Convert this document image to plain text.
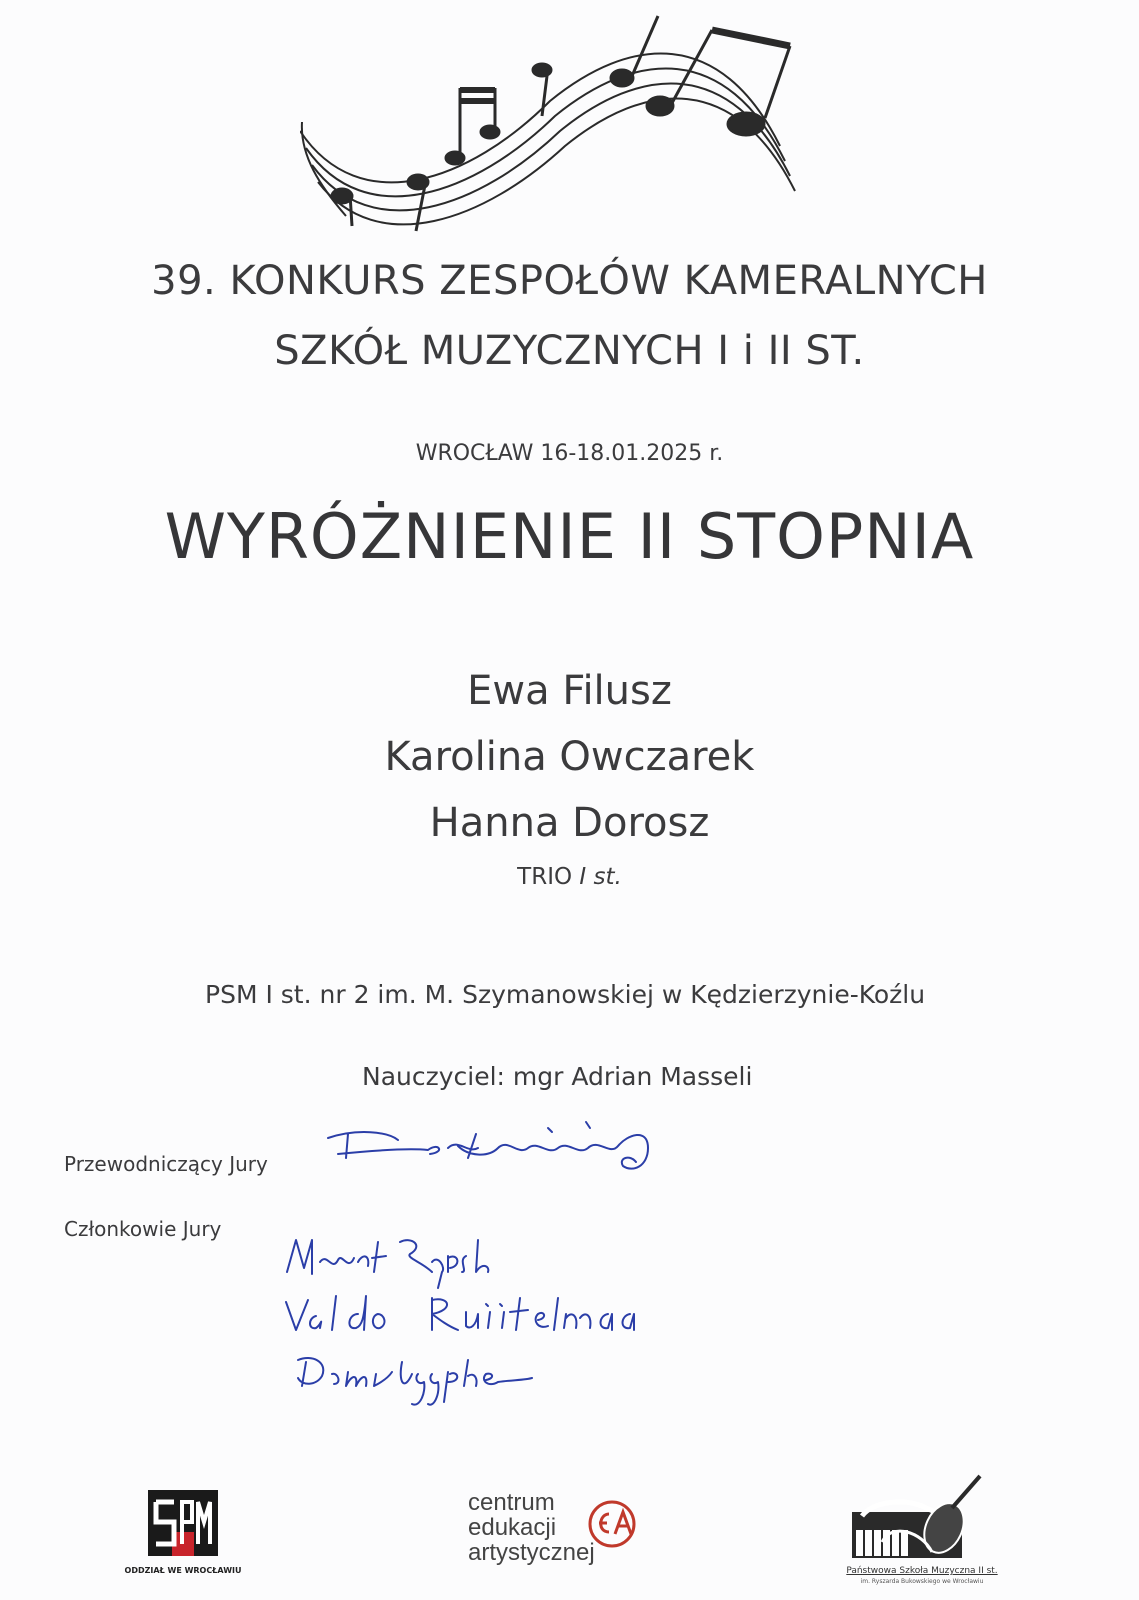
39. KONKURS ZESPOŁÓW KAMERALNYCH
SZKÓŁ MUZYCZNYCH I i II ST.
WROCŁAW 16-18.01.2025 r.
WYRÓŻNIENIE II STOPNIA
Ewa Filusz
Karolina Owczarek
Hanna Dorosz
TRIO I st.
PSM I st. nr 2 im. M. Szymanowskiej w Kędzierzynie-Koźlu
Nauczyciel: mgr Adrian Masseli
Przewodniczący Jury
Członkowie Jury
ODDZIAŁ WE WROCŁAWIU
centrum
edukacji
artystycznej
Państwowa Szkoła Muzyczna II st.
im. Ryszarda Bukowskiego we Wrocławiu
